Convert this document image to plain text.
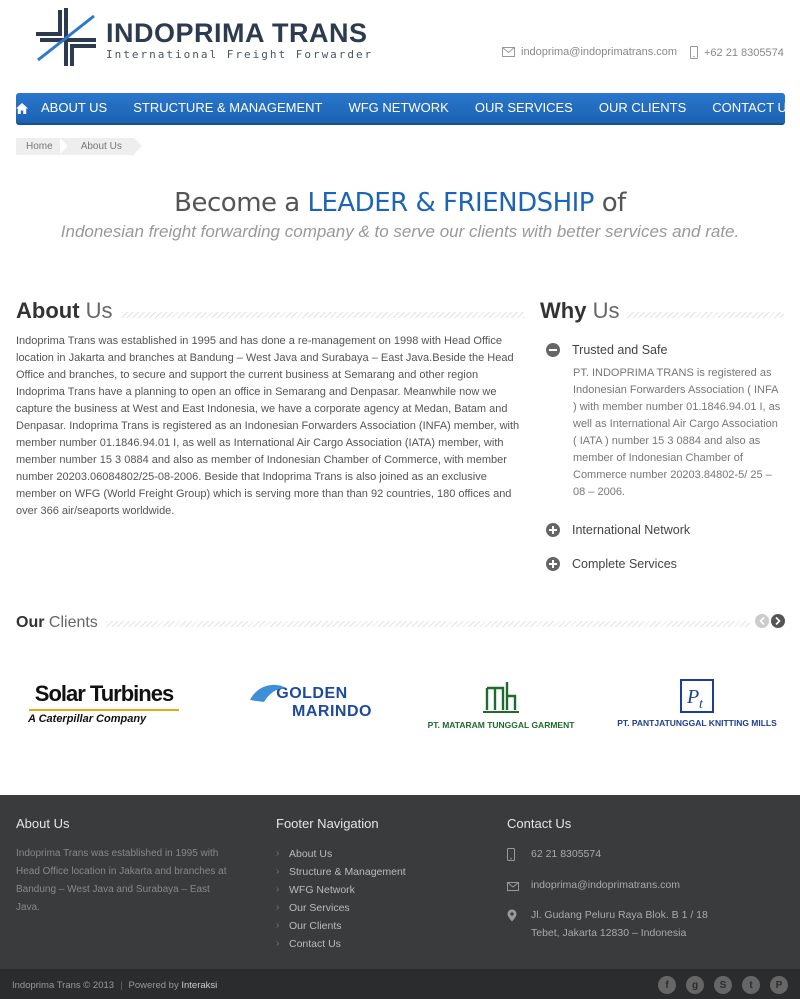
INDOPRIMA TRANS
International Freight Forwarder	indoprima@indoprimatrans.com +62 21 8305574
ABOUT US	STRUCTURE & MANAGEMENT	WFG NETWORK	OUR SERVICES	OUR CLIENTS	CONTACT US
Home	About Us
Become a LEADER & FRIENDSHIP of
Indonesian freight forwarding company & to serve our clients with better services and rate.
About Us
Indoprima Trans was established in 1995 and has done a re-management on 1998 with Head Office location in Jakarta and branches at Bandung – West Java and Surabaya – East Java.Beside the Head Office and branches, to secure and support the current business at Semarang and other region Indoprima Trans have a planning to open an office in Semarang and Denpasar. Meanwhile now we capture the business at West and East Indonesia, we have a corporate agency at Medan, Batam and Denpasar. Indoprima Trans is registered as an Indonesian Forwarders Association (INFA) member, with member number 01.1846.94.01 I, as well as International Air Cargo Association (IATA) member, with member number 15 3 0884 and also as member of Indonesian Chamber of Commerce, with member number 20203.06084802/25-08-2006. Beside that Indoprima Trans is also joined as an exclusive member on WFG (World Freight Group) which is serving more than than 92 countries, 180 offices and over 366 air/seaports worldwide.
Why Us
Trusted and Safe
PT. INDOPRIMA TRANS is registered as Indonesian Forwarders Association ( INFA ) with member number 01.1846.94.01 I, as well as International Air Cargo Association ( IATA ) number 15 3 0884 and also as member of Indonesian Chamber of Commerce number 20203.84802-5/ 25 – 08 – 2006.
International Network
Complete Services
Our Clients
Solar Turbines
A Caterpillar Company
GOLDEN
MARINDO
PT. MATARAM TUNGGAL GARMENT
P t
PT. PANTJATUNGGAL KNITTING MILLS
About Us
Indoprima Trans was established in 1995 with Head Office location in Jakarta and branches at Bandung – West Java and Surabaya – East Java.
Footer Navigation
› About Us
› Structure & Management
› WFG Network
› Our Services
› Our Clients
› Contact Us
Contact Us
62 21 8305574
indoprima@indoprimatrans.com
Jl. Gudang Peluru Raya Blok. B 1 / 18
Tebet, Jakarta 12830 – Indonesia
Indoprima Trans © 2013 | Powered by Interaksi	f	g	S	t	P
